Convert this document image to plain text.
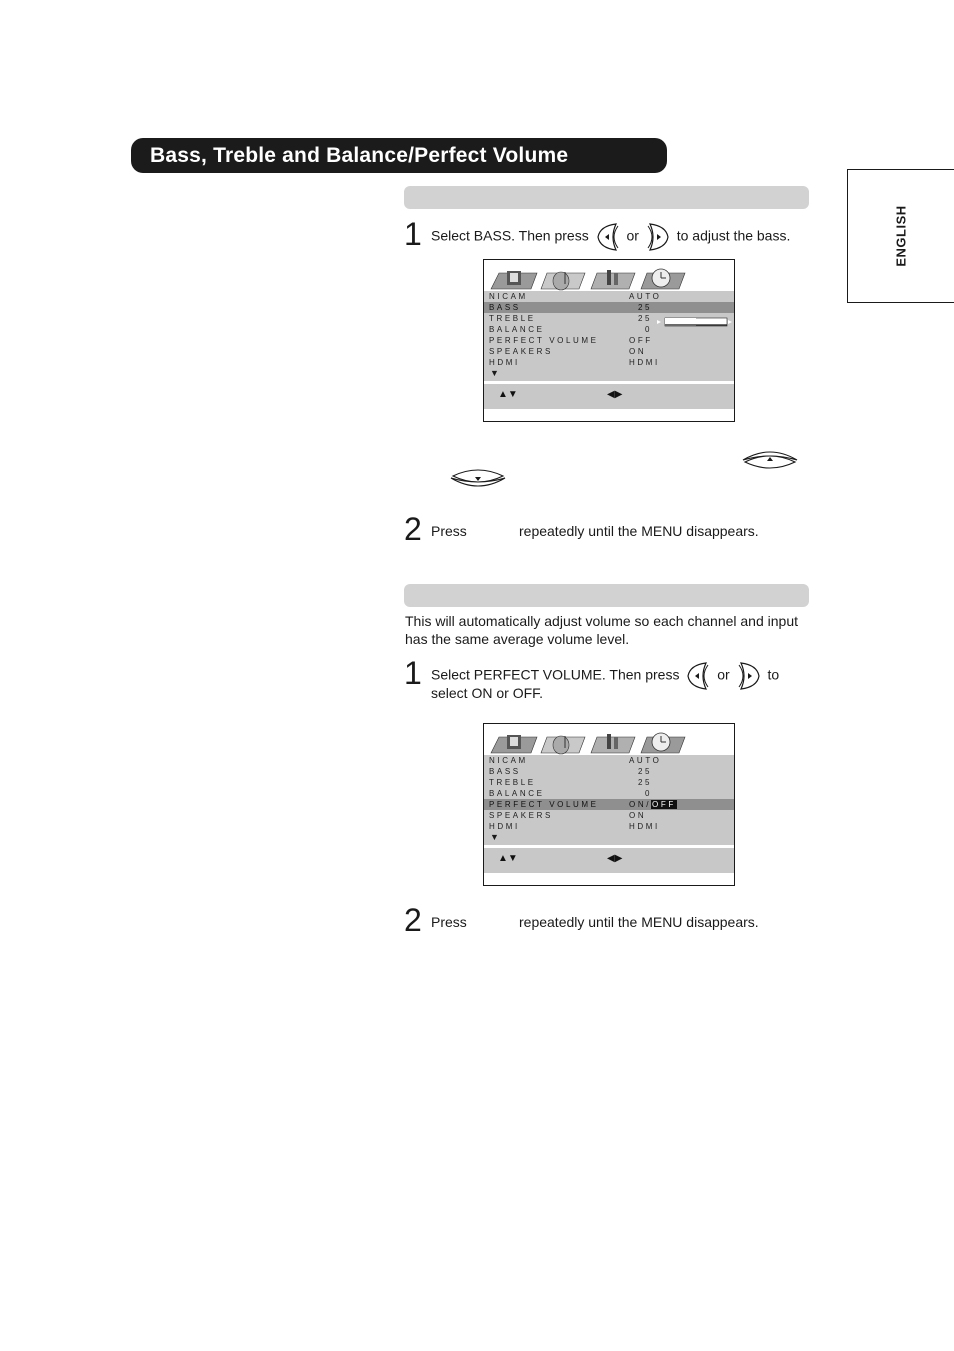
Bass, Treble and Balance/Perfect Volume
ENGLISH
1 Select BASS. Then press	or	to adjust the bass.
NICAM	AUTO
BASS	25
TREBLE	25
BALANCE	0
PERFECT VOLUME	OFF
SPEAKERS	ON
HDMI	HDMI
▼
▲▼	◀▶
2 Press	repeatedly until the MENU disappears.
This will automatically adjust volume so each channel and input has the same average volume level.
1 Select PERFECT VOLUME. Then press	or	to
select ON or OFF.
NICAM	AUTO
BASS	25
TREBLE	25
BALANCE	0
PERFECT VOLUME	ON/OFF
SPEAKERS	ON
HDMI	HDMI
▼
▲▼	◀▶
2 Press	repeatedly until the MENU disappears.
